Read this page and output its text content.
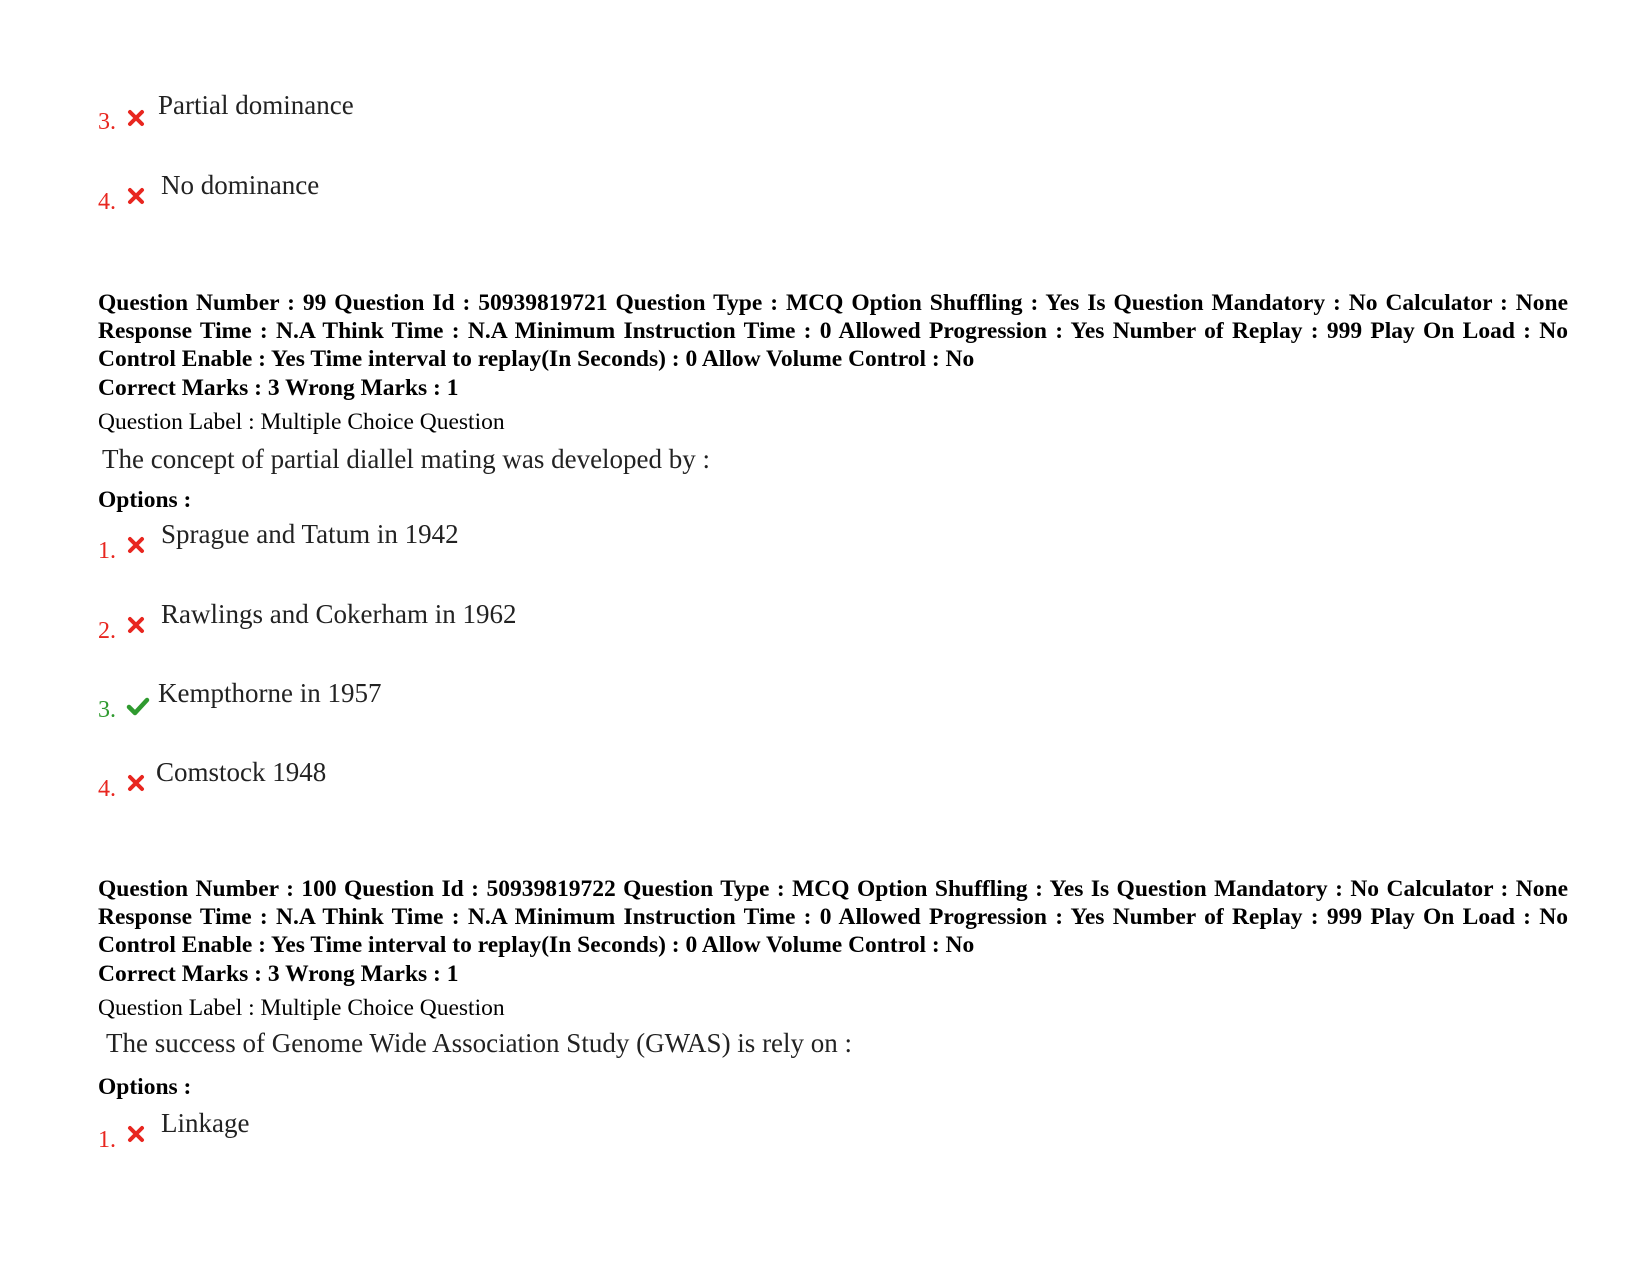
3.
Partial dominance
4.
No dominance
Question Number : 99 Question Id : 50939819721 Question Type : MCQ Option Shuffling : Yes Is Question Mandatory : No Calculator : None Response Time : N.A Think Time : N.A Minimum Instruction Time : 0 Allowed Progression : Yes Number of Replay : 999 Play On Load : No Control Enable : Yes Time interval to replay(In Seconds) : 0 Allow Volume Control : No
Correct Marks : 3 Wrong Marks : 1
Question Label : Multiple Choice Question
The concept of partial diallel mating was developed by :
Options :
1.
Sprague and Tatum in 1942
2.
Rawlings and Cokerham in 1962
3.
Kempthorne in 1957
4.
Comstock 1948
Question Number : 100 Question Id : 50939819722 Question Type : MCQ Option Shuffling : Yes Is Question Mandatory : No Calculator : None Response Time : N.A Think Time : N.A Minimum Instruction Time : 0 Allowed Progression : Yes Number of Replay : 999 Play On Load : No Control Enable : Yes Time interval to replay(In Seconds) : 0 Allow Volume Control : No
Correct Marks : 3 Wrong Marks : 1
Question Label : Multiple Choice Question
The success of Genome Wide Association Study (GWAS) is rely on :
Options :
1.
Linkage
